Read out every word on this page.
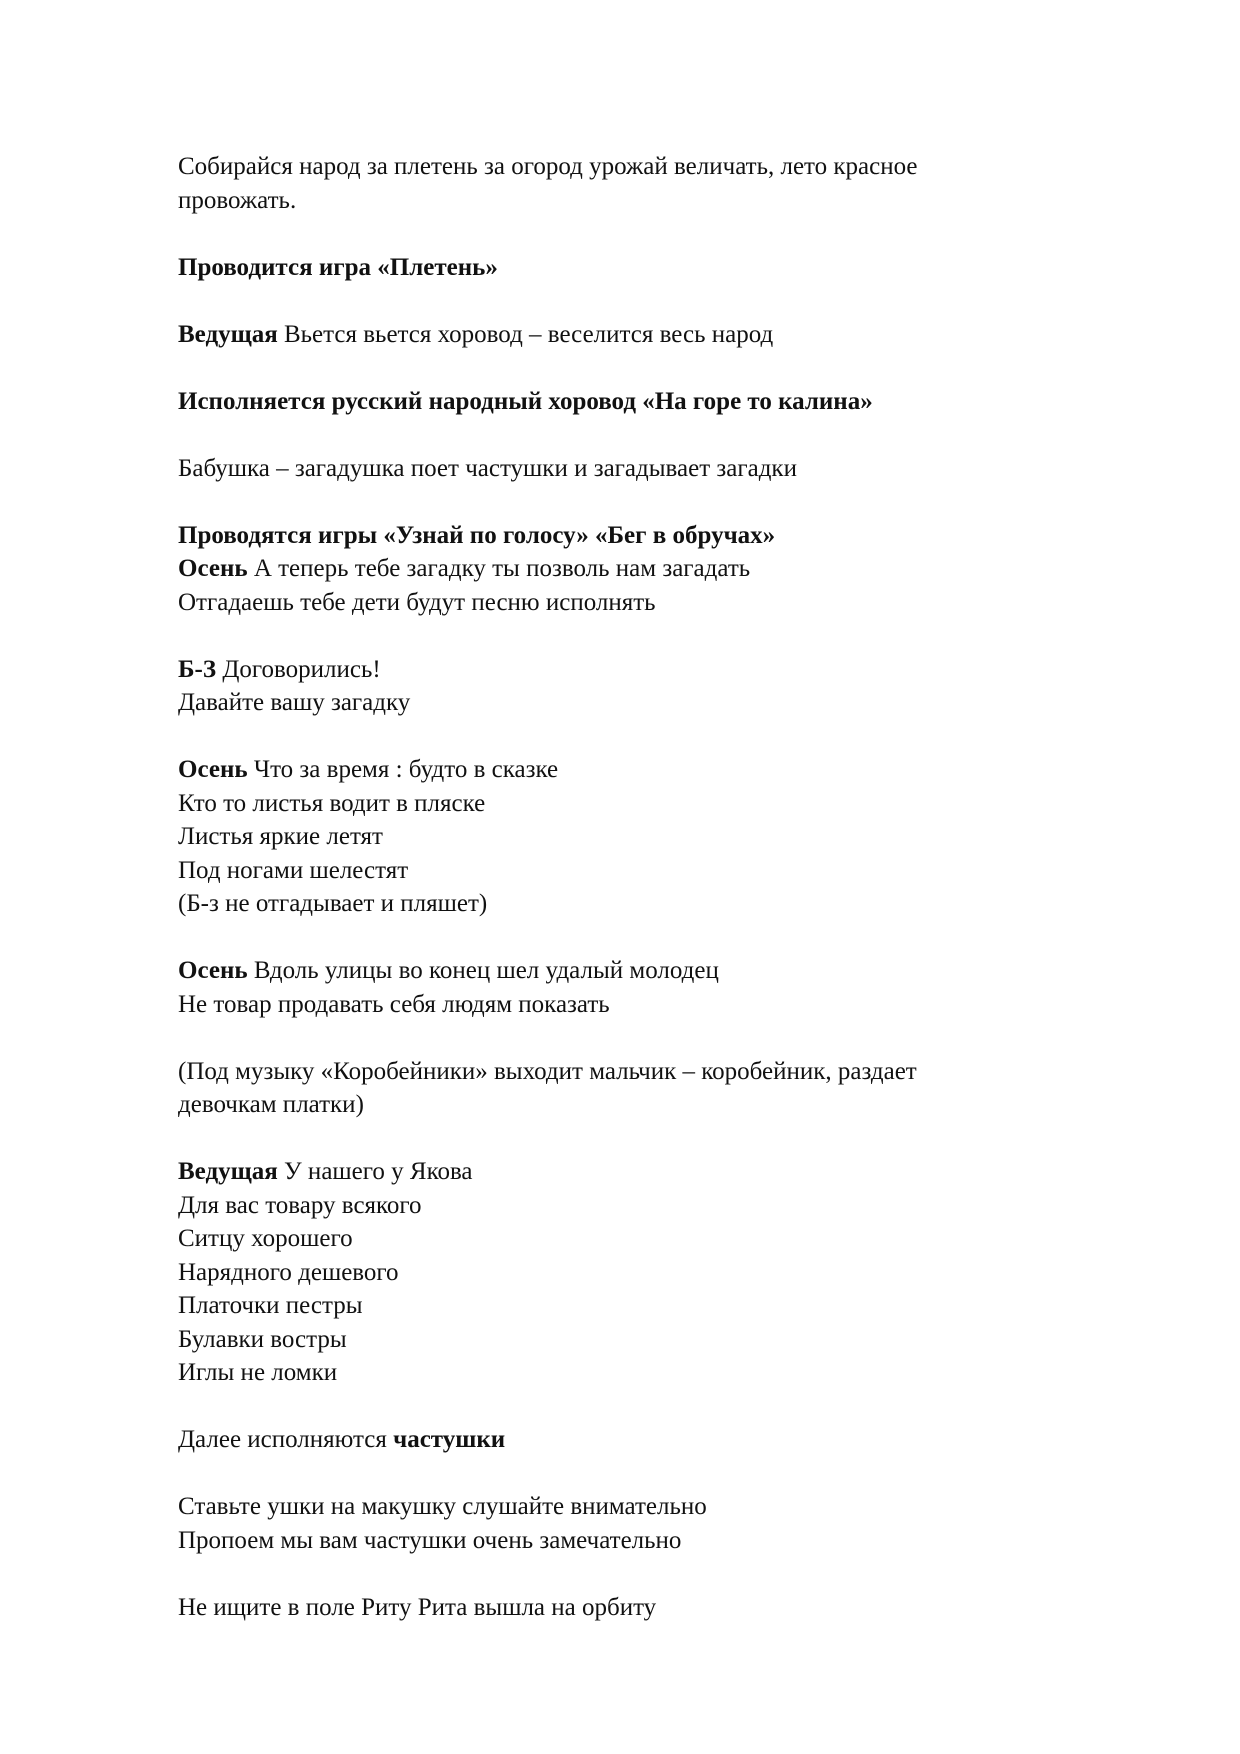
Собирайся народ за плетень за огород урожай величать, лето красное

провожать.

Проводится игра «Плетень»

Ведущая Вьется вьется хоровод – веселится весь народ

Исполняется русский народный хоровод «На горе то калина»

Бабушка – загадушка поет частушки и загадывает загадки

Проводятся игры «Узнай по голосу» «Бег в обручах»

Осень А теперь тебе загадку ты позволь нам загадать

Отгадаешь тебе дети будут песню исполнять

Б-З Договорились!

Давайте вашу загадку

Осень Что за время : будто в сказке

Кто то листья водит в пляске

Листья яркие летят

Под ногами шелестят

(Б-з не отгадывает и пляшет)

Осень Вдоль улицы во конец шел удалый молодец

Не товар продавать себя людям показать

(Под музыку «Коробейники» выходит мальчик – коробейник, раздает

девочкам платки)

Ведущая У нашего у Якова

Для вас товару всякого

Ситцу хорошего

Нарядного дешевого

Платочки пестры

Булавки востры

Иглы не ломки

Далее исполняются частушки

Ставьте ушки на макушку слушайте внимательно

Пропоем мы вам частушки очень замечательно

Не ищите в поле Риту Рита вышла на орбиту
